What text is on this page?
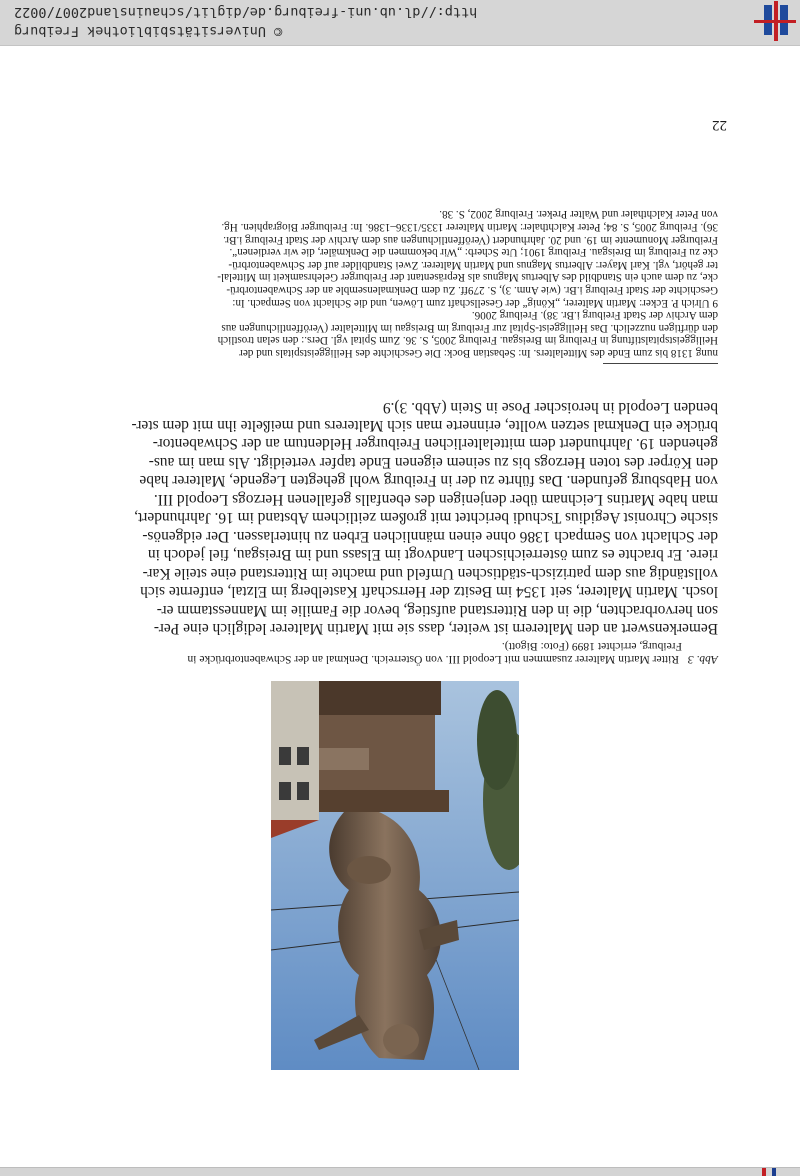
22

nung 1318 bis zum Ende des Mittelalters. In: Sebastian Bock: Die Geschichte des Heiliggeistspitals und der

Heiliggeistspitalstiftung in Freiburg im Breisgau. Freiburg 2005, S. 36. Zum Spital vgl. Ders.: den selan trostlich

den dürftigen nuzzelich. Das Heiliggeist-Spital zur Freiburg im Breisgau im Mittelalter (Veröffentlichungen aus

dem Archiv der Stadt Freiburg i.Br. 38). Freiburg 2006.

9 Ulrich P. Ecker: Martin Malterer, „König“ der Gesellschaft zum Löwen, und die Schlacht von Sempach. In:

Geschichte der Stadt Freiburg i.Br. (wie Anm. 3), S. 279ff. Zu dem Denkmalensemble an der Schwabentorbrü-

cke, zu dem auch ein Standbild des Albertus Magnus als Repräsentant der Freiburger Gelehrsamkeit im Mittelal-

ter gehört, vgl. Karl Mayer: Albertus Magnus und Martin Malterer. Zwei Standbilder auf der Schwabentorbrü-

cke zu Freiburg im Breisgau. Freiburg 1901; Ute Scherb: „Wir bekommen die Denkmäler, die wir verdienen“.

Freiburger Monumente im 19. und 20. Jahrhundert (Veröffentlichungen aus dem Archiv der Stadt Freiburg i.Br.

36). Freiburg 2005, S. 84; Peter Kalchthaler: Martin Malterer 1335/1336–1386. In: Freiburger Biographien. Hg.

von Peter Kalchthaler und Walter Preker. Freiburg 2002, S. 38.

Bemerkenswert an den Malterern ist weiter, dass sie mit Martin Malterer lediglich eine Per-

son hervorbrachten, die in den Ritterstand aufstieg, bevor die Familie im Mannesstamm er-

losch. Martin Malterer, seit 1354 im Besitz der Herrschaft Kastelberg im Elztal, entfernte sich

vollständig aus dem patrizisch-städtischen Umfeld und machte im Ritterstand eine steile Kar-

riere. Er brachte es zum österreichischen Landvogt im Elsass und im Breisgau, fiel jedoch in

der Schlacht von Sempach 1386 ohne einen männlichen Erben zu hinterlassen. Der eidgenös-

sische Chronist Aegidius Tschudi berichtet mit großem zeitlichem Abstand im 16. Jahrhundert,

man habe Martins Leichnam über denjenigen des ebenfalls gefallenen Herzogs Leopold III.

von Habsburg gefunden. Das führte zu der in Freiburg wohl gehegten Legende, Malterer habe

den Körper des toten Herzogs bis zu seinem eigenen Ende tapfer verteidigt. Als man im aus-

gehenden 19. Jahrhundert dem mittelalterlichen Freiburger Heldentum an der Schwabentor-

brücke ein Denkmal setzen wollte, erinnerte man sich Malterers und meißelte ihn mit dem ster-

benden Leopold in heroischer Pose in Stein (Abb. 3).9

Abb. 3   Ritter Martin Malterer zusammen mit Leopold III. von Österreich. Denkmal an der Schwabentorbrücke in
Freiburg, errichtet 1899 (Foto: Bigott).
© Universitätsbibliothek Freiburg
http://dl.ub.uni-freiburg.de/diglit/schauinsland2007/0022
